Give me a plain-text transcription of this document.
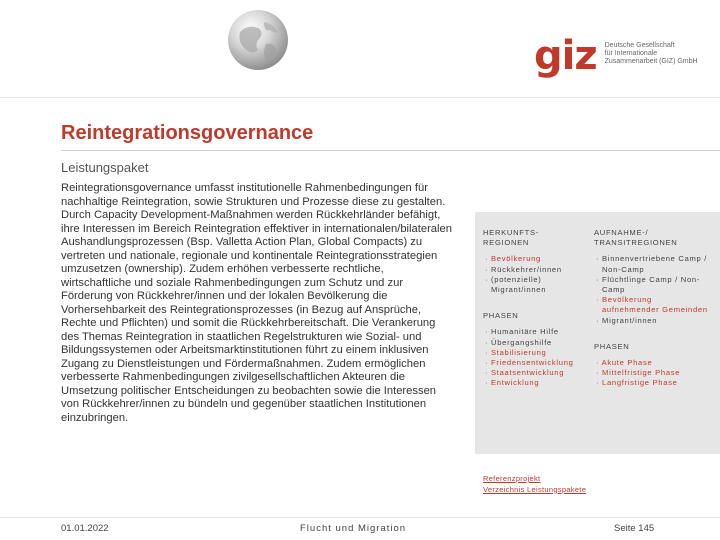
giz Deutsche Gesellschaft
für Internationale
Zusammenarbeit (GIZ) GmbH
Reintegrationsgovernance
Leistungspaket
Reintegrationsgovernance umfasst institutionelle Rahmenbedingungen für nachhaltige Reintegration, sowie Strukturen und Prozesse diese zu gestalten. Durch Capacity Development-Maßnahmen werden Rückkehrländer befähigt, ihre Interessen im Bereich Reintegration effektiver in internationalen/bilateralen Aushandlungsprozessen (Bsp. Valletta Action Plan, Global Compacts) zu vertreten und nationale, regionale und kontinentale Reintegrationsstrategien umzusetzen (ownership). Zudem erhöhen verbesserte rechtliche, wirtschaftliche und soziale Rahmenbedingungen zum Schutz und zur Förderung von Rückkehrer/innen und der lokalen Bevölkerung die Vorhersehbarkeit des Reintegrationsprozesses (in Bezug auf Ansprüche, Rechte und Pflichten) und somit die Rückkehrbereitschaft. Die Verankerung des Themas Reintegration in staatlichen Regelstrukturen wie Sozial- und Bildungssystemen oder Arbeitsmarktinstitutionen führt zu einem inklusiven Zugang zu Dienstleistungen und Fördermaßnahmen. Zudem ermöglichen verbesserte Rahmenbedingungen zivilgesellschaftlichen Akteuren die Umsetzung politischer Entscheidungen zu beobachten sowie die Interessen von Rückkehrer/innen zu bündeln und gegenüber staatlichen Institutionen einzubringen.
HERKUNFTS-REGIONEN
· Bevölkerung
· Rückkehrer/innen
· (potenzielle) Migrant/innen
PHASEN
· Humanitäre Hilfe
· Übergangshilfe
· Stabilisierung
· Friedensentwicklung
· Staatsentwicklung
· Entwicklung
AUFNAHME-/ TRANSITREGIONEN
· Binnenvertriebene Camp / Non-Camp
· Flüchtlinge Camp / Non-Camp
· Bevölkerung aufnehmender Gemeinden
· Migrant/innen
PHASEN
· Akute Phase
· Mittelfristige Phase
· Langfristige Phase
Referenzprojekt
Verzeichnis Leistungspakete
01.01.2022	Flucht und Migration	Seite 145
